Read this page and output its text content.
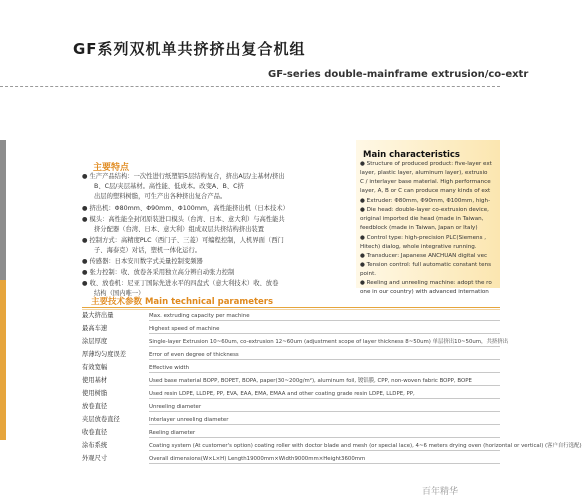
GF系列双机单共挤挤出复合机组
GF-series double-mainframe extrusion/co-extr
主要特点
● 生产产品结构：一次性进行纸塑铝5层结构复合，挤出A层/主基材/挤出
B、C层/夹层基材。高性能、低成本。改变A、B、C挤
出层的塑料树脂，可生产出各种挤出复合产品。
● 挤出机：Φ80mm、Φ90mm、Φ100mm，高性能挤出机（日本技术）
● 模头：高性能全封闭原装进口模头（台湾、日本、意大利）与高性能共
挤分配器（台湾、日本、意大利）组成双层共挤结构挤出装置
● 控制方式：高精度PLC（西门子、三菱）可编程控制，人机界面（西门
子、海泰克）对话，塑机一体化运行。
● 传感器：日本安川数字式关量控制变频器
● 张力控制：收、放卷各采用独立高分辨自动张力控制
● 收、放卷机：尼亚丁国际先进水平的四盘式（意大利技术）收、放卷
结构（国内唯一）
Main characteristics
● Structure of produced product: five-layer ext
layer, plastic layer, aluminum layer), extrusio
C / interlayer base material. High performance
layer, A, B or C can produce many kinds of ext
● Extruder: Φ80mm, Φ90mm, Φ100mm, high-
● Die head: double-layer co-extrusion device,
original imported die head (made in Taiwan,
feedblock (made in Taiwan, Japan or Italy)
● Control type: high-precision PLC(Siemens ,
Hitech) dialog, whole integrative running.
● Transducer: Japanese ANCHUAN digital vec
● Tension control: full automatic constant tens
point.
● Reeling and unreeling machine: adopt the ro
one in our country) with advanced internation
主要技术参数 Main technical parameters
最大挤出量	Max. extruding capacity per machine
最高车速	Highest speed of machine
涂层厚度	Single-layer Extrusion 10~60um, co-extrusion 12~60um (adjustment scope of layer thickness 8~50um) 单层挤出10~50um，共挤挤出
厚薄均匀度误差	Error of even degree of thickness
有效宽幅	Effective width
使用基材	Used base material BOPP, BOPET, BOPA, paper(30~200g/m²), aluminum foil, 镀铝膜, CPP, non-woven fabric BOPP, BOPE
使用树脂	Used resin LDPE, LLDPE, PP, EVA, EAA, EMA, EMAA and other coating grade resin LDPE, LLDPE, PP,
放卷直径	Unreeling diameter
夹层放卷直径	Interlayer unreeling diameter
收卷直径	Reeling diameter
涂布系统	Coating system (At customer's option) coating roller with doctor blade and mesh (or special lace), 4~6 meters drying oven (horizontal or vertical) (客户自行选配)
外观尺寸	Overall dimensions(W×L×H) Length19000mm×Width9000mm×Height3600mm
百年精华
